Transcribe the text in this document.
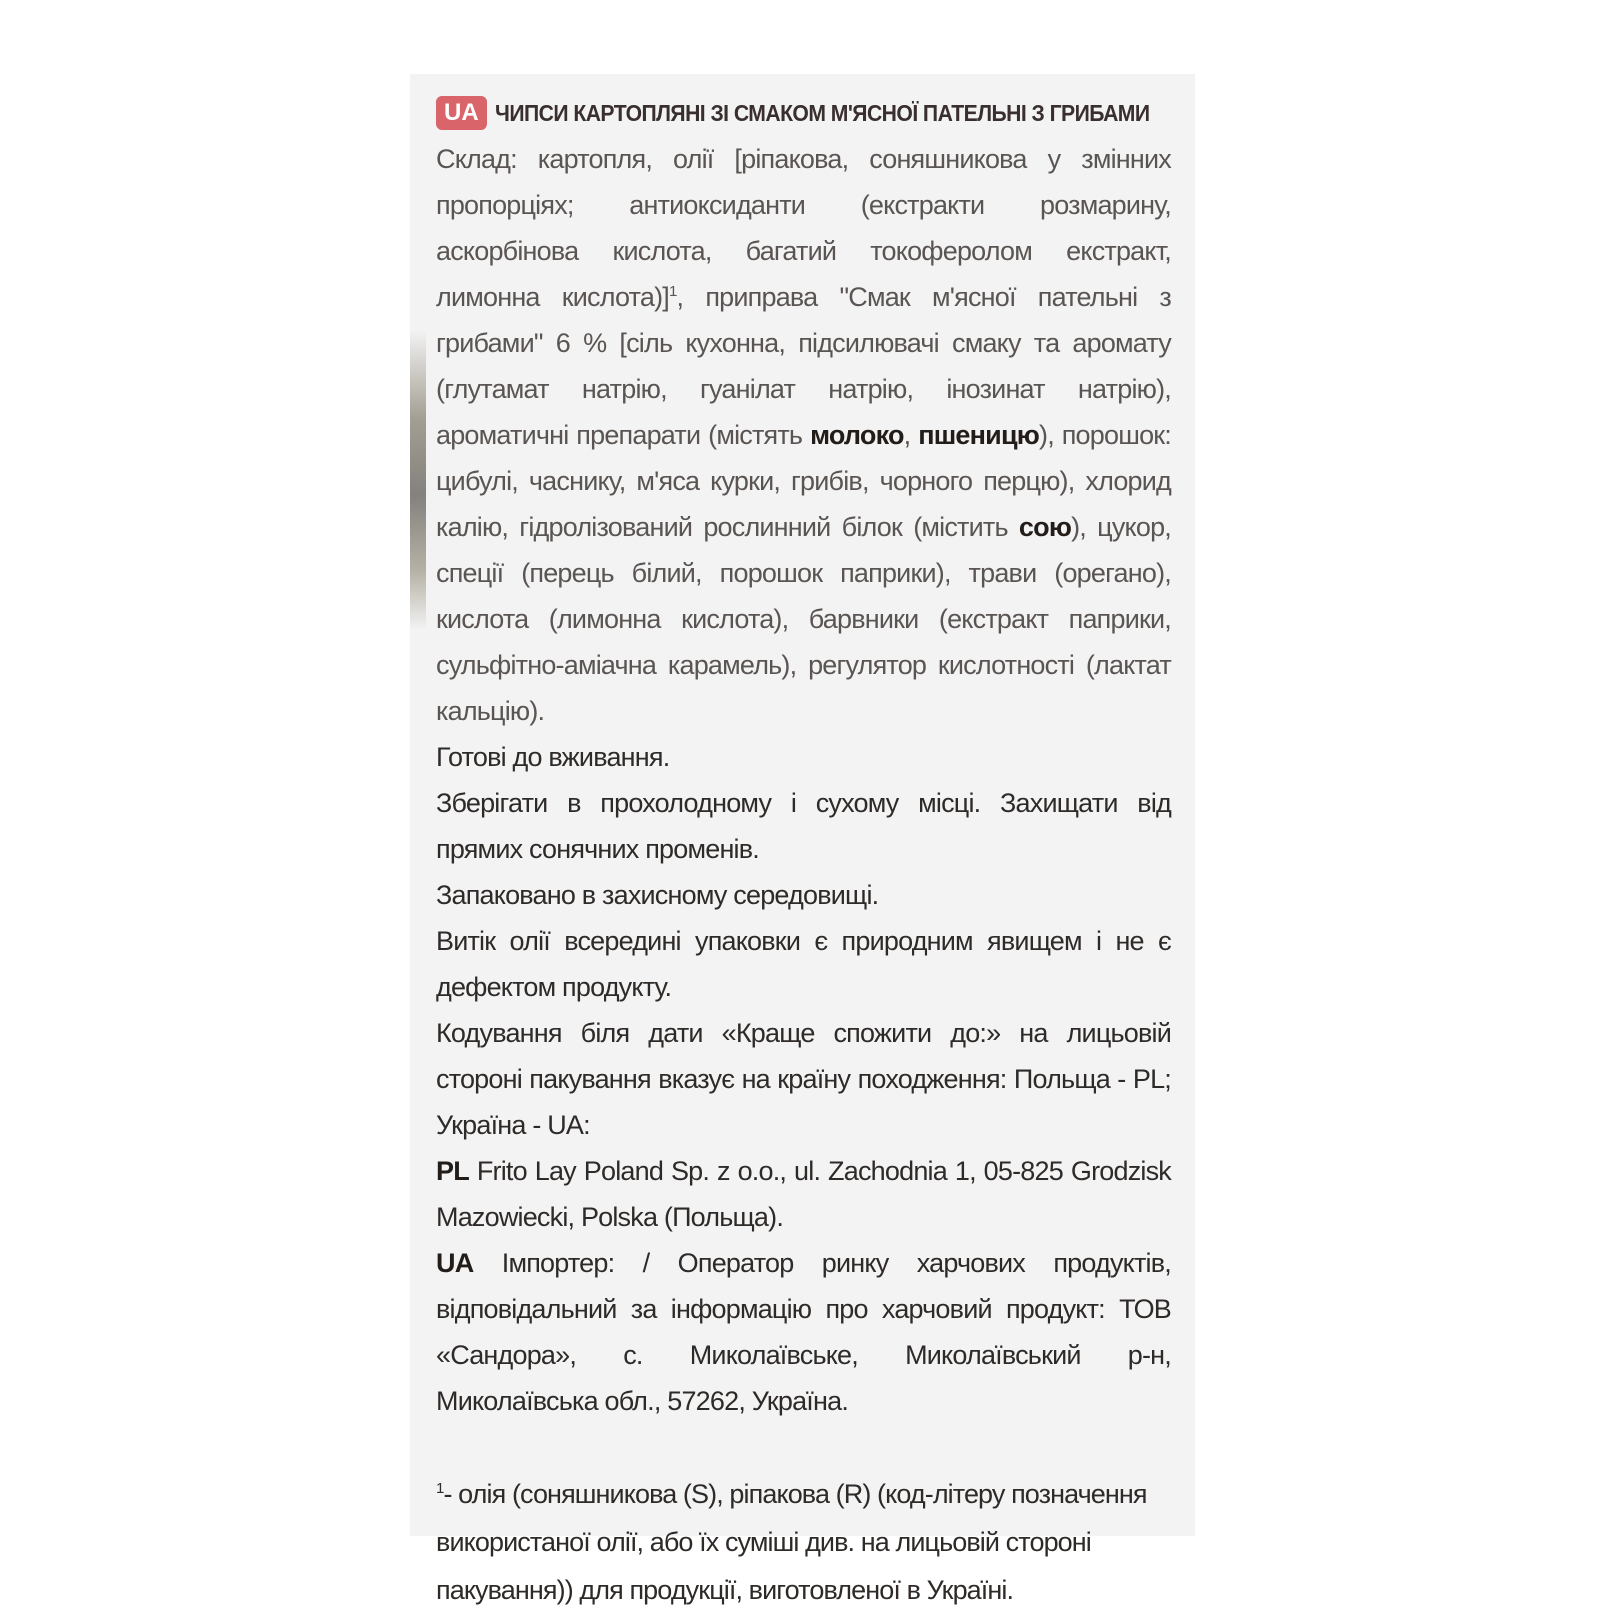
UA ЧИПСИ КАРТОПЛЯНІ ЗІ СМАКОМ М'ЯСНОЇ ПАТЕЛЬНІ З ГРИБАМИ

Склад: картопля, олії [ріпакова, соняшникова у змінних пропорціях; антиоксиданти (екстракти розмарину, аскорбінова кислота, багатий токоферолом екстракт, лимонна кислота)]$^1$, приправа "Смак м'ясної пательні з грибами" 6 % [сіль кухонна, підсилювачі смаку та аромату (глутамат натрію, гуанілат натрію, інозинат натрію), ароматичні препарати (містять молоко, пшеницю), порошок: цибулі, часнику, м'яса курки, грибів, чорного перцю), хлорид калію, гідролізований рослинний білок (містить сою), цукор, спеції (перець білий, порошок паприки), трави (орегано), кислота (лимонна кислота), барвники (екстракт паприки, сульфітно-аміачна карамель), регулятор кислотності (лактат кальцію).

Готові до вживання.

Зберігати в прохолодному і сухому місці. Захищати від прямих сонячних променів.

Запаковано в захисному середовищі.

Витік олії всередині упаковки є природним явищем і не є дефектом продукту.

Кодування біля дати «Краще спожити до:» на лицьовій стороні пакування вказує на країну походження: Польща - PL; Україна - UA:

PL Frito Lay Poland Sp. z o.o., ul. Zachodnia 1, 05-825 Grodzisk Mazowiecki, Polska (Польща).

UA Імпортер: / Оператор ринку харчових продуктів, відповідальний за інформацію про харчовий продукт: ТОВ «Сандора», с. Миколаївське, Миколаївський р-н, Миколаївська обл., 57262, Україна.

$^1$- олія (соняшникова (S), ріпакова (R) (код-літеру позначення використаної олії, або їх суміші див. на лицьовій стороні пакування)) для продукції, виготовленої в Україні.
